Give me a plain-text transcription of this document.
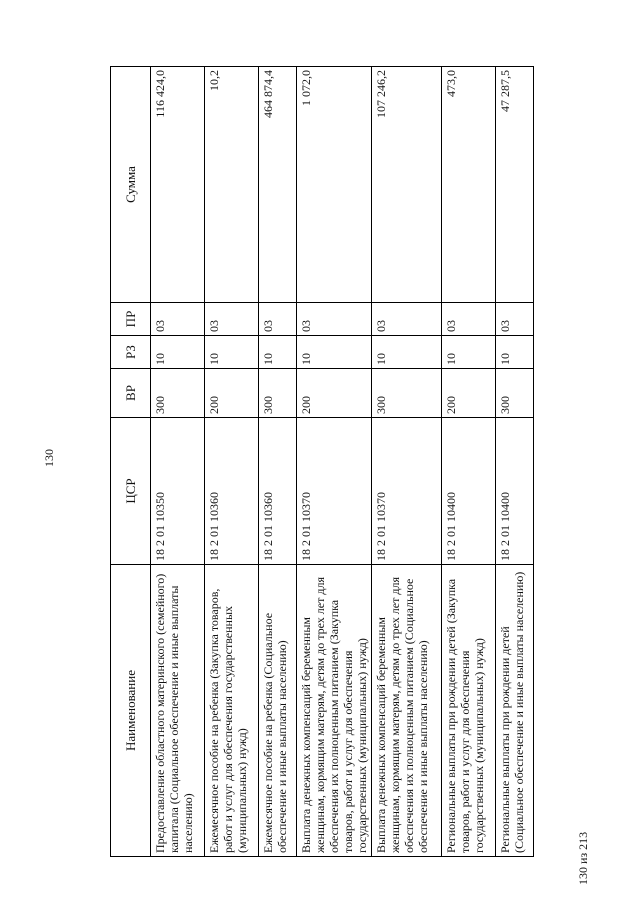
130
Наименование	ЦСР	ВР	РЗ	ПР	Сумма
Предоставление областного материнского (семейного) капитала (Социальное обеспечение и иные выплаты населению)	18 2 01 10350	300	10	03	116 424,0
Ежемесячное пособие на ребенка (Закупка товаров, работ и услуг для обеспечения государственных (муниципальных) нужд)	18 2 01 10360	200	10	03	10,2
Ежемесячное пособие на ребенка (Социальное обеспечение и иные выплаты населению)	18 2 01 10360	300	10	03	464 874,4
Выплата денежных компенсаций беременным женщинам, кормящим матерям, детям до трех лет для обеспечения их полноценным питанием (Закупка товаров, работ и услуг для обеспечения государственных (муниципальных) нужд)	18 2 01 10370	200	10	03	1 072,0
Выплата денежных компенсаций беременным женщинам, кормящим матерям, детям до трех лет для обеспечения их полноценным питанием (Социальное обеспечение и иные выплаты населению)	18 2 01 10370	300	10	03	107 246,2
Региональные выплаты при рождении детей (Закупка товаров, работ и услуг для обеспечения государственных (муниципальных) нужд)	18 2 01 10400	200	10	03	473,0
Региональные выплаты при рождении детей (Социальное обеспечение и иные выплаты населению)	18 2 01 10400	300	10	03	47 287,5
130 из 213
